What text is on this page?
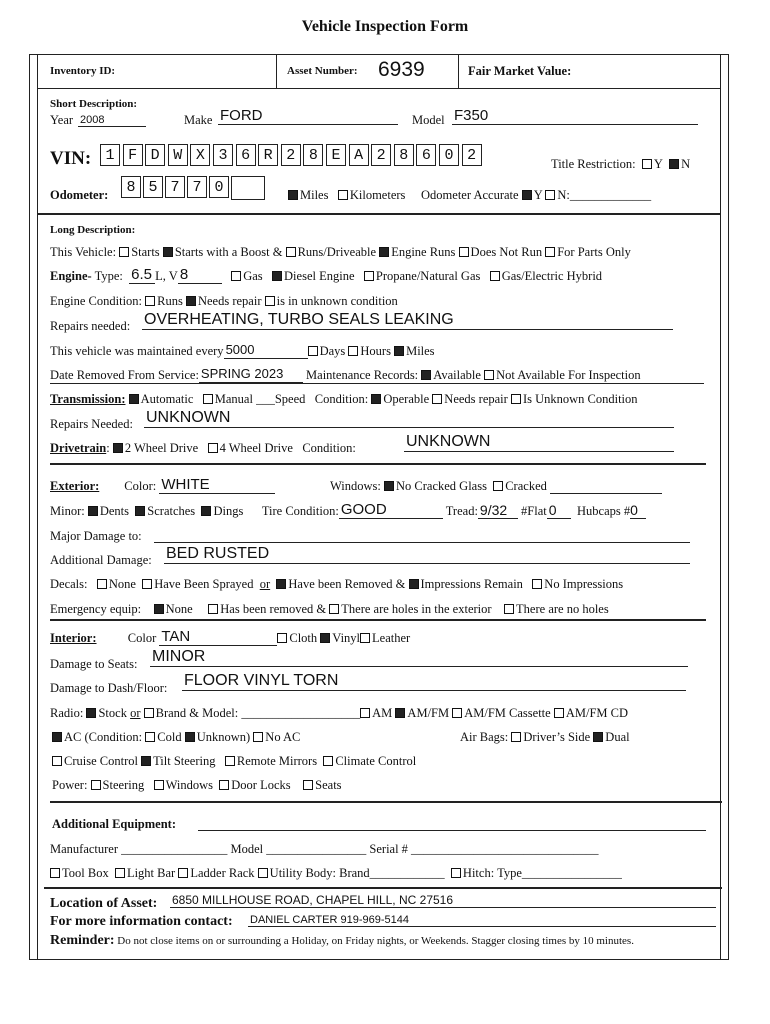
Vehicle Inspection Form
Inventory ID:	Asset Number: 6939	Fair Market Value:
Short Description:
Year 2008	Make FORD	Model F350
VIN: 1 F D W X 3 6 R 2 8 E A 2 8 6 0 2	Title Restriction: Y N
Odometer:	8 5 7 7 0	Miles Kilometers Odometer Accurate Y N:_____________
Long Description:
This Vehicle: Starts Starts with a Boost & Runs/Driveable Engine Runs Does Not Run For Parts Only
Engine- Type: 6.5 L, V 8	Gas Diesel Engine Propane/Natural Gas Gas/Electric Hybrid
Engine Condition: Runs Needs repair is in unknown condition
Repairs needed: OVERHEATING, TURBO SEALS LEAKING
This vehicle was maintained every 5000	Days Hours Miles
Date Removed From Service: SPRING 2023 Maintenance Records: Available Not Available For Inspection
Transmission: Automatic Manual ___Speed Condition: Operable Needs repair Is Unknown Condition
Repairs Needed: UNKNOWN
Drivetrain: 2 Wheel Drive 4 Wheel Drive Condition:	UNKNOWN
Exterior: Color: WHITE	Windows: No Cracked Glass Cracked
Minor: Dents Scratches Dings Tire Condition: GOOD	Tread: 9/32 #Flat 0 Hubcaps # 0
Major Damage to:
Additional Damage: BED RUSTED
Decals: None Have Been Sprayed or Have been Removed & Impressions Remain No Impressions
Emergency equip: None Has been removed & There are holes in the exterior There are no holes
Interior:	Color TAN	Cloth Vinyl Leather
Damage to Seats: MINOR
Damage to Dash/Floor: FLOOR VINYL TORN
Radio: Stock or Brand & Model: ___________________ AM AM/FM AM/FM Cassette AM/FM CD
AC (Condition: Cold Unknown) No AC	Air Bags: Driver’s Side Dual
Cruise Control Tilt Steering Remote Mirrors Climate Control
Power: Steering Windows Door Locks Seats
Additional Equipment:
Manufacturer _________________ Model ________________ Serial # ______________________________
Tool Box Light Bar Ladder Rack Utility Body: Brand____________ Hitch: Type________________
Location of Asset: 6850 MILLHOUSE ROAD, CHAPEL HILL, NC 27516
For more information contact: DANIEL CARTER 919-969-5144
Reminder: Do not close items on or surrounding a Holiday, on Friday nights, or Weekends. Stagger closing times by 10 minutes.
